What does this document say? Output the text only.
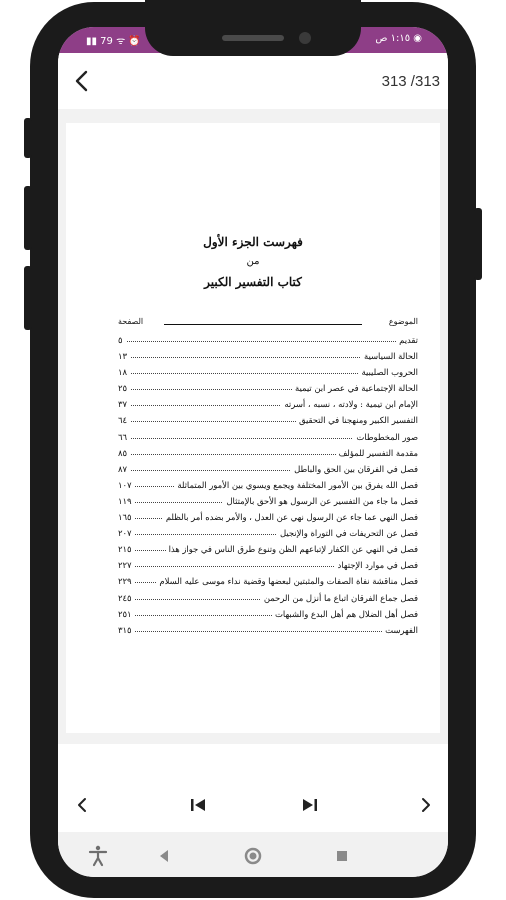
▮▮ 79 ᯤ ⏰	١:١٥ ص ◉
313 /313
فهرست الجزء الأول
من
كتاب التفسير الكبير
الموضوع
الصفحة
تقديم
٥
الحالة السياسية
١٣
الحروب الصليبية
١٨
الحالة الإجتماعية في عصر ابن تيمية
٢٥
الإمام ابن تيمية : ولادته ، نسبه ، أسرته
٣٧
التفسير الكبير ومنهجنا في التحقيق
٦٤
صور المخطوطات
٦٦
مقدمة التفسير للمؤلف
٨٥
فصل في الفرقان بين الحق والباطل
٨٧
فصل الله يفرق بين الأمور المختلفة ويجمع ويسوي بين الأمور المتماثلة
١٠٧
فصل ما جاء من التفسير عن الرسول هو الأحق بالإمتثال
١١٩
فصل النهي عما جاء عن الرسول نهي عن العدل ، والأمر بضده أمر بالظلم
١٦٥
فصل عن التحريفات في التوراة والإنجيل
٢٠٧
فصل في النهي عن الكفار لإتباعهم الظن وتنوع طرق الناس في جواز هذا
٢١٥
فصل في موارد الإجتهاد
٢٢٧
فصل مناقشة نفاة الصفات والمثبتين لبعضها وقضية نداء موسى عليه السلام
٢٢٩
فصل جماع الفرقان اتباع ما أنزل من الرحمن
٢٤٥
فصل أهل الضلال هم أهل البدع والشبهات
٢٥١
الفهرست
٣١٥
